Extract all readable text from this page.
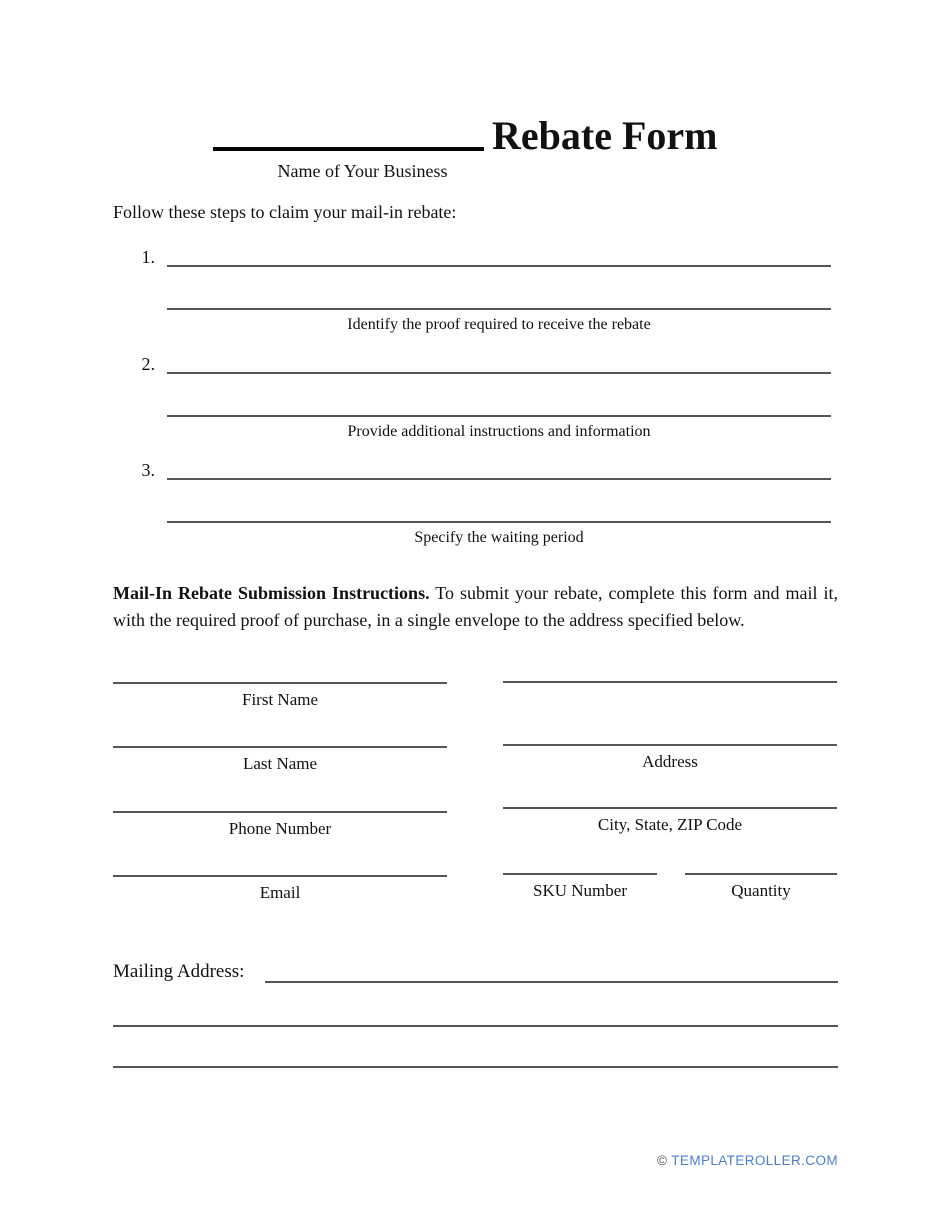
Rebate Form
Name of Your Business
Follow these steps to claim your mail-in rebate:
1.
Identify the proof required to receive the rebate
2.
Provide additional instructions and information
3.
Specify the waiting period

Mail-In Rebate Submission Instructions. To submit your rebate, complete this form and mail it, with the required proof of purchase, in a single envelope to the address specified below.

First Name
Last Name
Phone Number
Email
Address
City, State, ZIP Code
SKU Number	Quantity
Mailing Address:
© TEMPLATEROLLER.COM
